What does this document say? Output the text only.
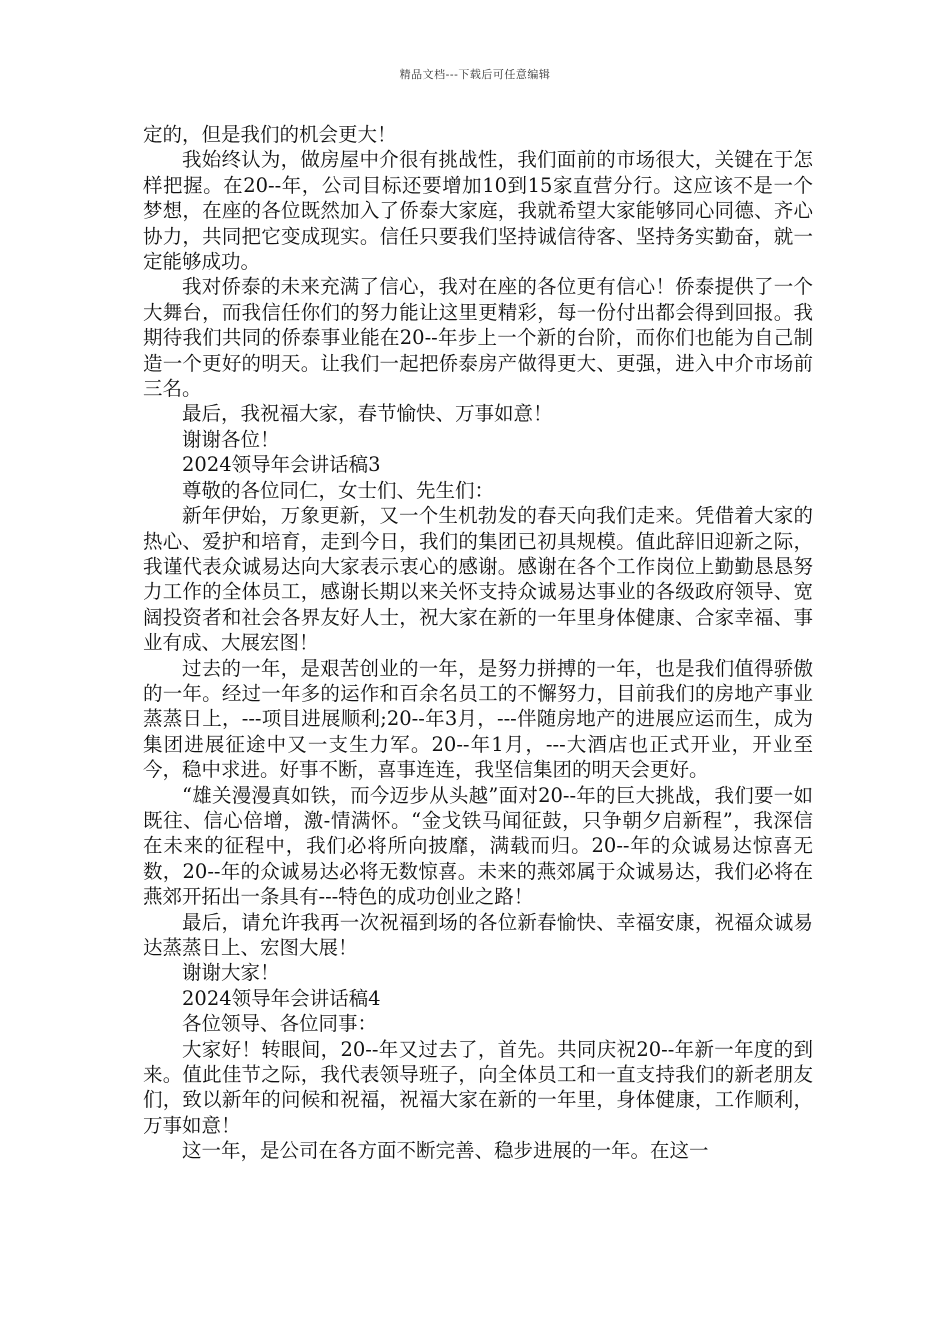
精品文档---下载后可任意编辑

定的，但是我们的机会更大！

我始终认为，做房屋中介很有挑战性，我们面前的市场很大，关键在于怎样把握。在20--年，公司目标还要增加10到15家直营分行。这应该不是一个梦想，在座的各位既然加入了侨泰大家庭，我就希望大家能够同心同德、齐心协力，共同把它变成现实。信任只要我们坚持诚信待客、坚持务实勤奋，就一定能够成功。

我对侨泰的未来充满了信心，我对在座的各位更有信心！侨泰提供了一个大舞台，而我信任你们的努力能让这里更精彩，每一份付出都会得到回报。我期待我们共同的侨泰事业能在20--年步上一个新的台阶，而你们也能为自己制造一个更好的明天。让我们一起把侨泰房产做得更大、更强，进入中介市场前三名。

最后，我祝福大家，春节愉快、万事如意！

谢谢各位！

2024领导年会讲话稿3

尊敬的各位同仁，女士们、先生们：

新年伊始，万象更新，又一个生机勃发的春天向我们走来。凭借着大家的热心、爱护和培育，走到今日，我们的集团已初具规模。值此辞旧迎新之际，我谨代表众诚易达向大家表示衷心的感谢。感谢在各个工作岗位上勤勤恳恳努力工作的全体员工，感谢长期以来关怀支持众诚易达事业的各级政府领导、宽阔投资者和社会各界友好人士，祝大家在新的一年里身体健康、合家幸福、事业有成、大展宏图！

过去的一年，是艰苦创业的一年，是努力拼搏的一年，也是我们值得骄傲的一年。经过一年多的运作和百余名员工的不懈努力，目前我们的房地产事业蒸蒸日上，---项目进展顺利;20--年3月，---伴随房地产的进展应运而生，成为集团进展征途中又一支生力军。20--年1月，---大酒店也正式开业，开业至今，稳中求进。好事不断，喜事连连，我坚信集团的明天会更好。

“雄关漫漫真如铁，而今迈步从头越”面对20--年的巨大挑战，我们要一如既往、信心倍增，激-情满怀。“金戈铁马闻征鼓，只争朝夕启新程”，我深信在未来的征程中，我们必将所向披靡，满载而归。20--年的众诚易达惊喜无数，20--年的众诚易达必将无数惊喜。未来的燕郊属于众诚易达，我们必将在燕郊开拓出一条具有---特色的成功创业之路！

最后，请允许我再一次祝福到场的各位新春愉快、幸福安康，祝福众诚易达蒸蒸日上、宏图大展！

谢谢大家！

2024领导年会讲话稿4

各位领导、各位同事：

大家好！转眼间，20--年又过去了，首先。共同庆祝20--年新一年度的到来。值此佳节之际，我代表领导班子，向全体员工和一直支持我们的新老朋友们，致以新年的问候和祝福，祝福大家在新的一年里，身体健康，工作顺利，万事如意！

这一年，是公司在各方面不断完善、稳步进展的一年。在这一
